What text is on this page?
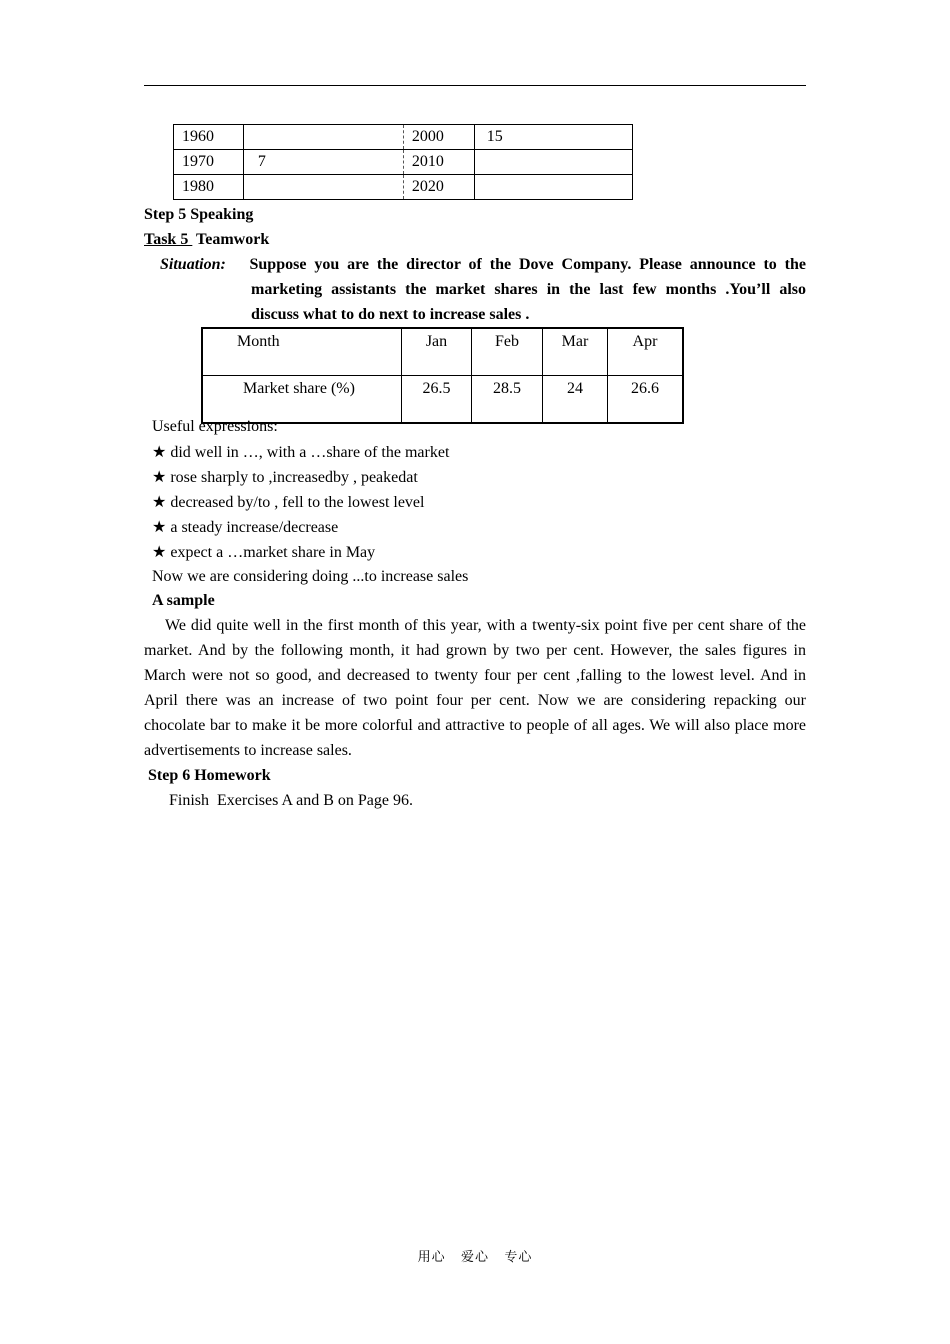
1960		2000	15
1970	7	2010	
1980		2020	
Step 5 Speaking
Task 5  Teamwork
Situation: Suppose you are the director of the Dove Company. Please announce to the
marketing assistants the market shares in the last few months .You’ll also
discuss what to do next to increase sales .
Month	Jan	Feb	Mar	Apr
Market share (%)	26.5	28.5	24	26.6
Useful expressions:
★ did well in …, with a …share of the market
★ rose sharply to ,increasedby , peakedat
★ decreased by/to , fell to the lowest level
★ a steady increase/decrease
★ expect a …market share in May
Now we are considering doing ...to increase sales
A sample
We did quite well in the first month of this year, with a twenty-six point five per cent share of the market. And by the following month, it had grown by two per cent. However, the sales figures in March were not so good, and decreased to twenty four per cent ,falling to the lowest level. And in April there was an increase of two point four per cent. Now we are considering repacking our chocolate bar to make it be more colorful and attractive to people of all ages. We will also place more advertisements to increase sales.
Step 6 Homework
Finish  Exercises A and B on Page 96.
用心   爱心   专心
